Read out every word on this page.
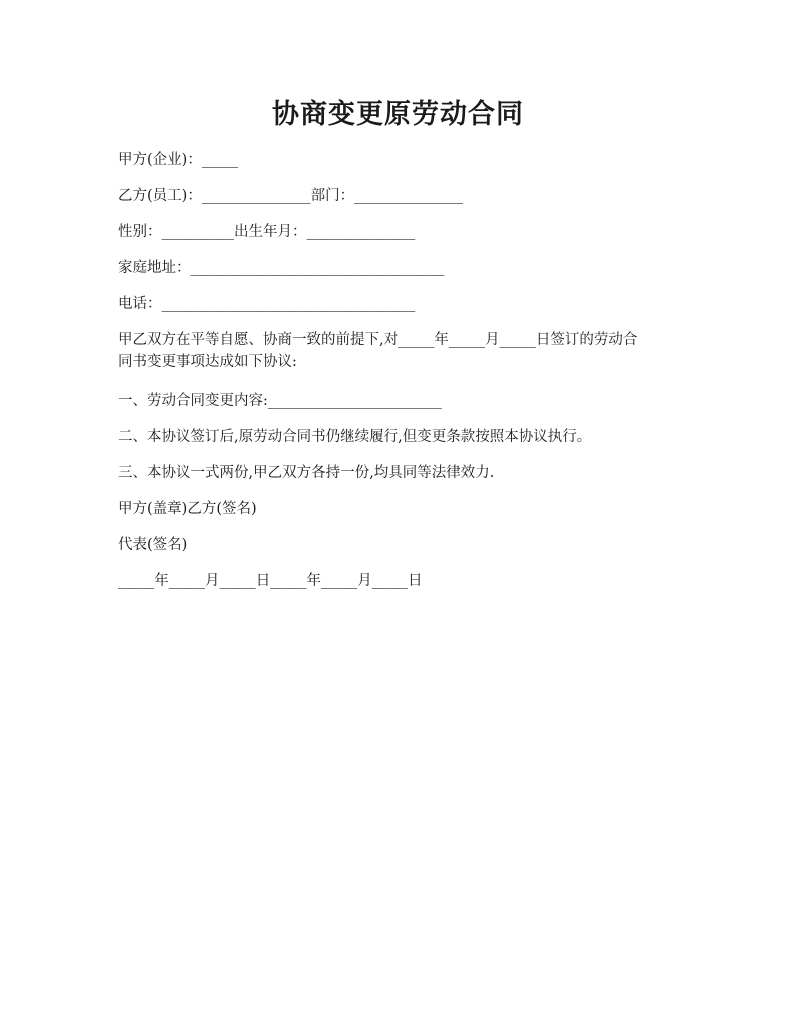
协商变更原劳动合同

甲方(企业)：_____

乙方(员工)：_______________部门：_______________

性别：__________出生年月：_______________

家庭地址：___________________________________

电话：___________________________________

甲乙双方在平等自愿、协商一致的前提下,对_____年_____月_____日签订的劳动合

同书变更事项达成如下协议:

一、劳动合同变更内容:________________________

二、本协议签订后,原劳动合同书仍继续履行,但变更条款按照本协议执行。

三、本协议一式两份,甲乙双方各持一份,均具同等法律效力.

甲方(盖章)乙方(签名)

代表(签名)

_____年_____月_____日_____年_____月_____日
